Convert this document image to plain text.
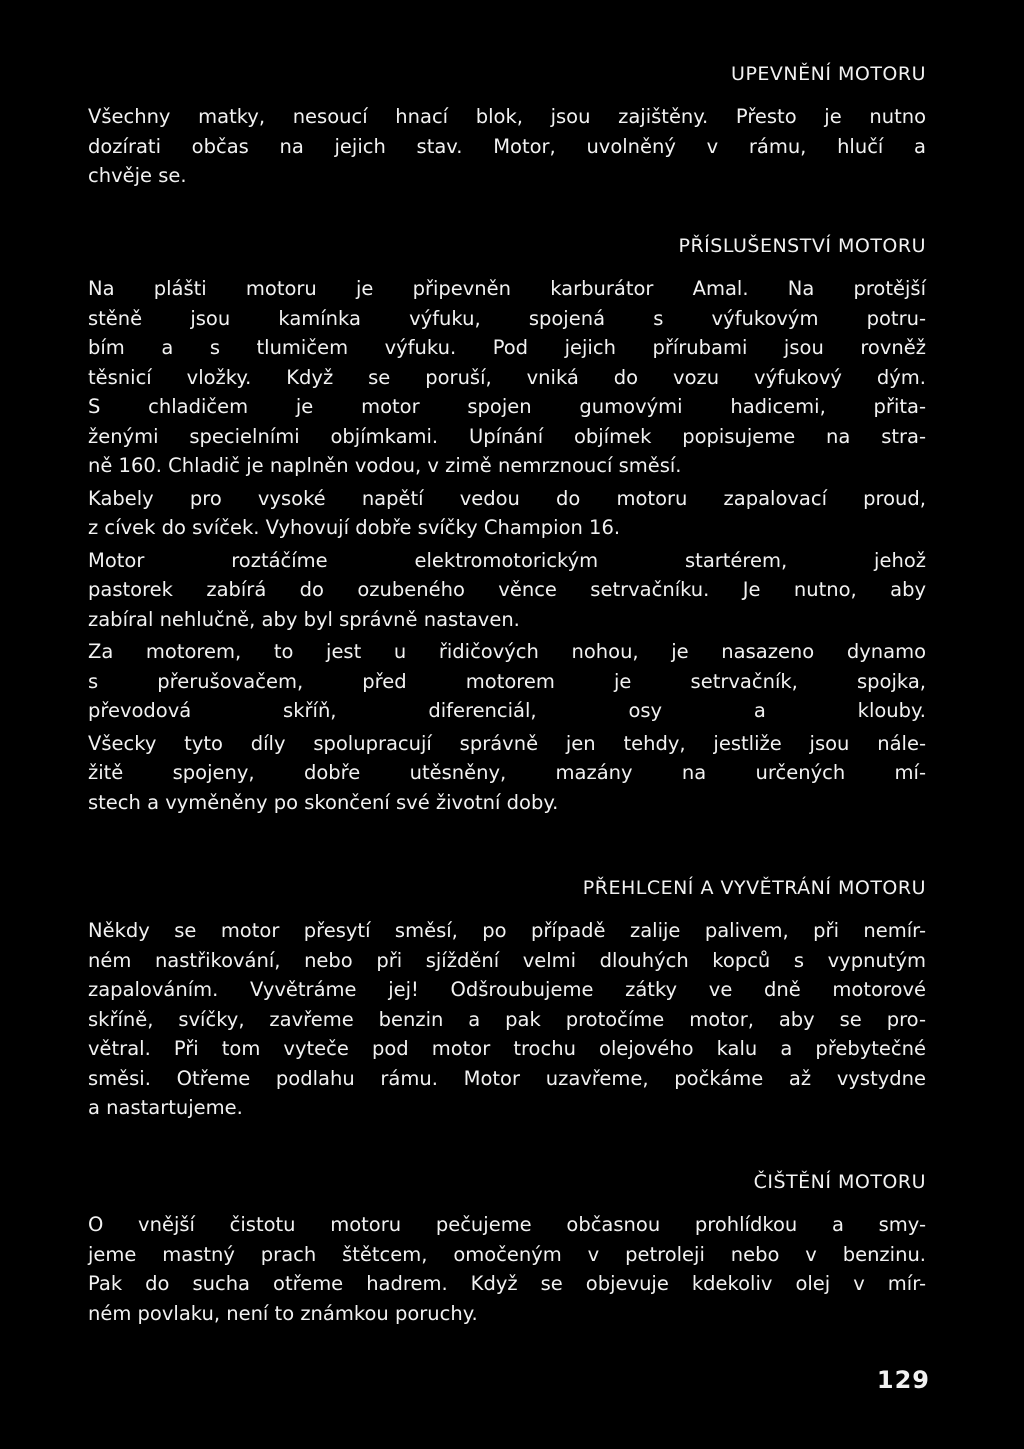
UPEVNĚNÍ MOTORU
Všechny matky, nesoucí hnací blok, jsou zajištěny. Přesto je nutno
dozírati občas na jejich stav. Motor, uvolněný v rámu, hlučí a
chvěje se.
PŘÍSLUŠENSTVÍ MOTORU
Na plášti motoru je připevněn karburátor Amal. Na protější
stěně jsou kamínka výfuku, spojená s výfukovým potru-
bím a s tlumičem výfuku. Pod jejich přírubami jsou rovněž
těsnicí vložky. Když se poruší, vniká do vozu výfukový dým.
S chladičem je motor spojen gumovými hadicemi, přita-
ženými specielními objímkami. Upínání objímek popisujeme na stra-
ně 160. Chladič je naplněn vodou, v zimě nemrznoucí směsí.
Kabely pro vysoké napětí vedou do motoru zapalovací proud,
z cívek do svíček. Vyhovují dobře svíčky Champion 16.
Motor roztáčíme elektromotorickým startérem, jehož
pastorek zabírá do ozubeného věnce setrvačníku. Je nutno, aby
zabíral nehlučně, aby byl správně nastaven.
Za motorem, to jest u řidičových nohou, je nasazeno dynamo
s přerušovačem, před motorem je setrvačník, spojka,
převodová skříň, diferenciál, osy a klouby.
Všecky tyto díly spolupracují správně jen tehdy, jestliže jsou nále-
žitě spojeny, dobře utěsněny, mazány na určených mí-
stech a vyměněny po skončení své životní doby.
PŘEHLCENÍ A VYVĚTRÁNÍ MOTORU
Někdy se motor přesytí směsí, po případě zalije palivem, při nemír-
ném nastřikování, nebo při sjíždění velmi dlouhých kopců s vypnutým
zapalováním. Vyvětráme jej! Odšroubujeme zátky ve dně motorové
skříně, svíčky, zavřeme benzin a pak protočíme motor, aby se pro-
větral. Při tom vyteče pod motor trochu olejového kalu a přebytečné
směsi. Otřeme podlahu rámu. Motor uzavřeme, počkáme až vystydne
a nastartujeme.
ČIŠTĚNÍ MOTORU
O vnější čistotu motoru pečujeme občasnou prohlídkou a smy-
jeme mastný prach štětcem, omočeným v petroleji nebo v benzinu.
Pak do sucha otřeme hadrem. Když se objevuje kdekoliv olej v mír-
ném povlaku, není to známkou poruchy.
129
